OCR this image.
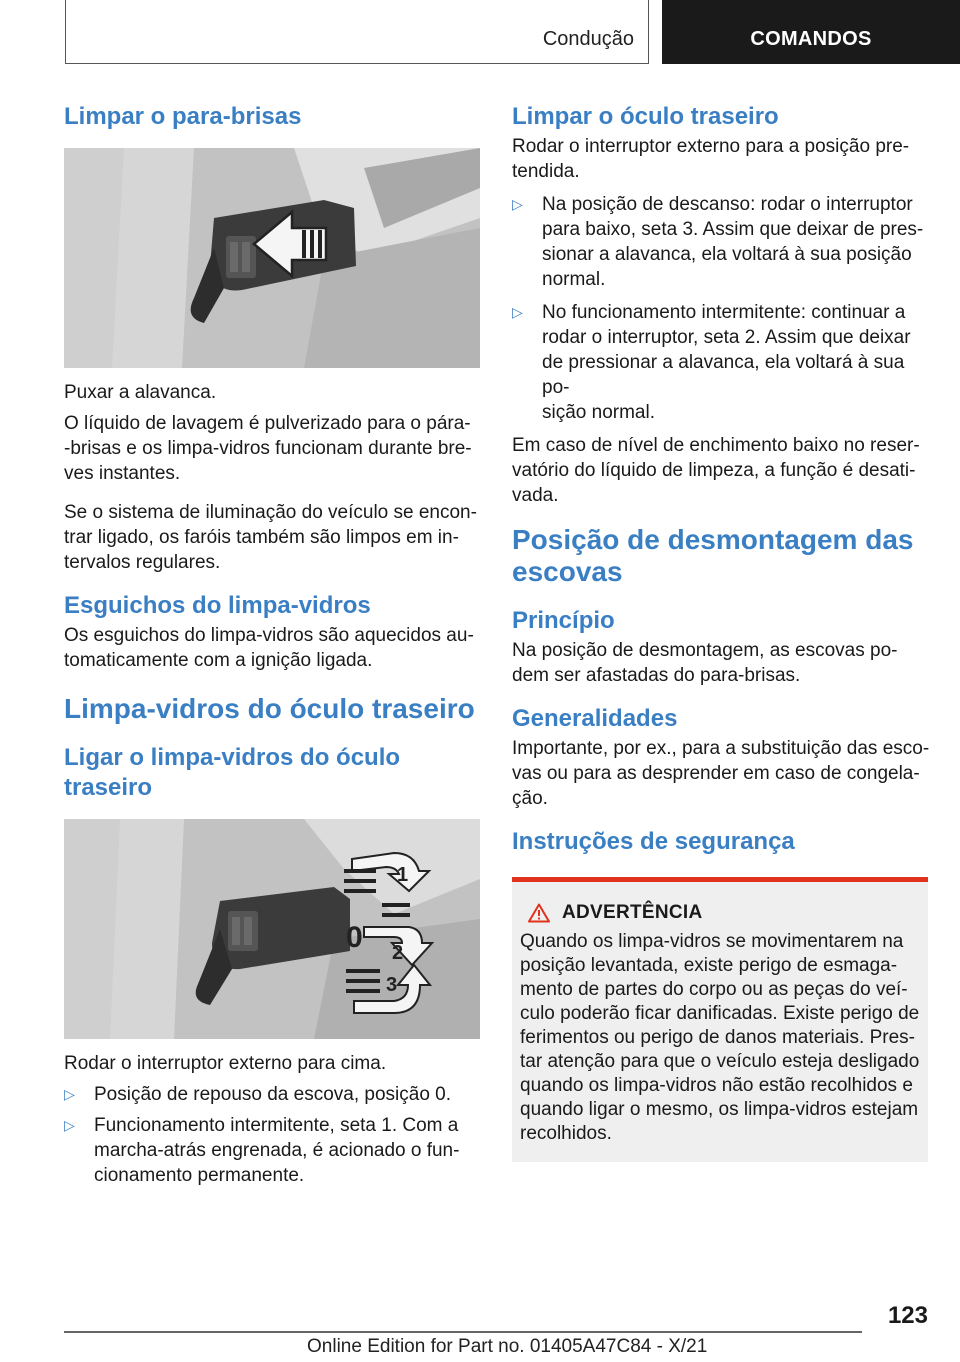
Condução	COMANDOS
Limpar o para-brisas

Puxar a alavanca.

O líquido de lavagem é pulverizado para o pára-
-brisas e os limpa-vidros funcionam durante bre-
ves instantes.

Se o sistema de iluminação do veículo se encon-
trar ligado, os faróis também são limpos em in-
tervalos regulares.

Esguichos do limpa-vidros

Os esguichos do limpa-vidros são aquecidos au-
tomaticamente com a ignição ligada.

Limpa-vidros do óculo traseiro
Ligar o limpa-vidros do óculo
traseiro
1
0 2
3

Rodar o interruptor externo para cima.

▷ Posição de repouso da escova, posição 0.
▷ Funcionamento intermitente, seta 1. Com a
marcha-atrás engrenada, é acionado o fun-
cionamento permanente.
Limpar o óculo traseiro

Rodar o interruptor externo para a posição pre-
tendida.

▷ Na posição de descanso: rodar o interruptor
para baixo, seta 3. Assim que deixar de pres-
sionar a alavanca, ela voltará à sua posição
normal.
▷ No funcionamento intermitente: continuar a
rodar o interruptor, seta 2. Assim que deixar
de pressionar a alavanca, ela voltará à sua po-
sição normal.

Em caso de nível de enchimento baixo no reser-
vatório do líquido de limpeza, a função é desati-
vada.

Posição de desmontagem das
escovas
Princípio

Na posição de desmontagem, as escovas po-
dem ser afastadas do para-brisas.

Generalidades

Importante, por ex., para a substituição das esco-
vas ou para as desprender em caso de congela-
ção.

Instruções de segurança
ADVERTÊNCIA

Quando os limpa-vidros se movimentarem na
posição levantada, existe perigo de esmaga-
mento de partes do corpo ou as peças do veí-
culo poderão ficar danificadas. Existe perigo de
ferimentos ou perigo de danos materiais. Pres-
tar atenção para que o veículo esteja desligado
quando os limpa-vidros não estão recolhidos e
quando ligar o mesmo, os limpa-vidros estejam
recolhidos.

123
Online Edition for Part no. 01405A47C84 - X/21
